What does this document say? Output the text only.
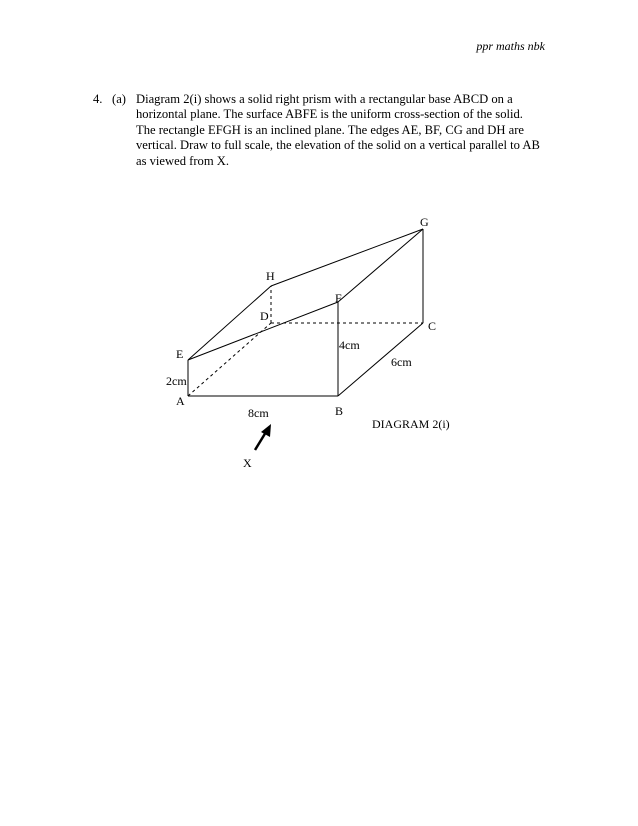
ppr maths nbk
4. (a) Diagram 2(i) shows a solid right prism with a rectangular base ABCD on a
horizontal plane. The surface ABFE is the uniform cross-section of the solid.
The rectangle EFGH is an inclined plane. The edges AE, BF, CG and DH are
vertical. Draw to full scale, the elevation of the solid on a vertical parallel to AB
as viewed from X.
A
B
C
D
E
F
G
H
2cm
8cm
4cm
6cm
X
DIAGRAM 2(i)
